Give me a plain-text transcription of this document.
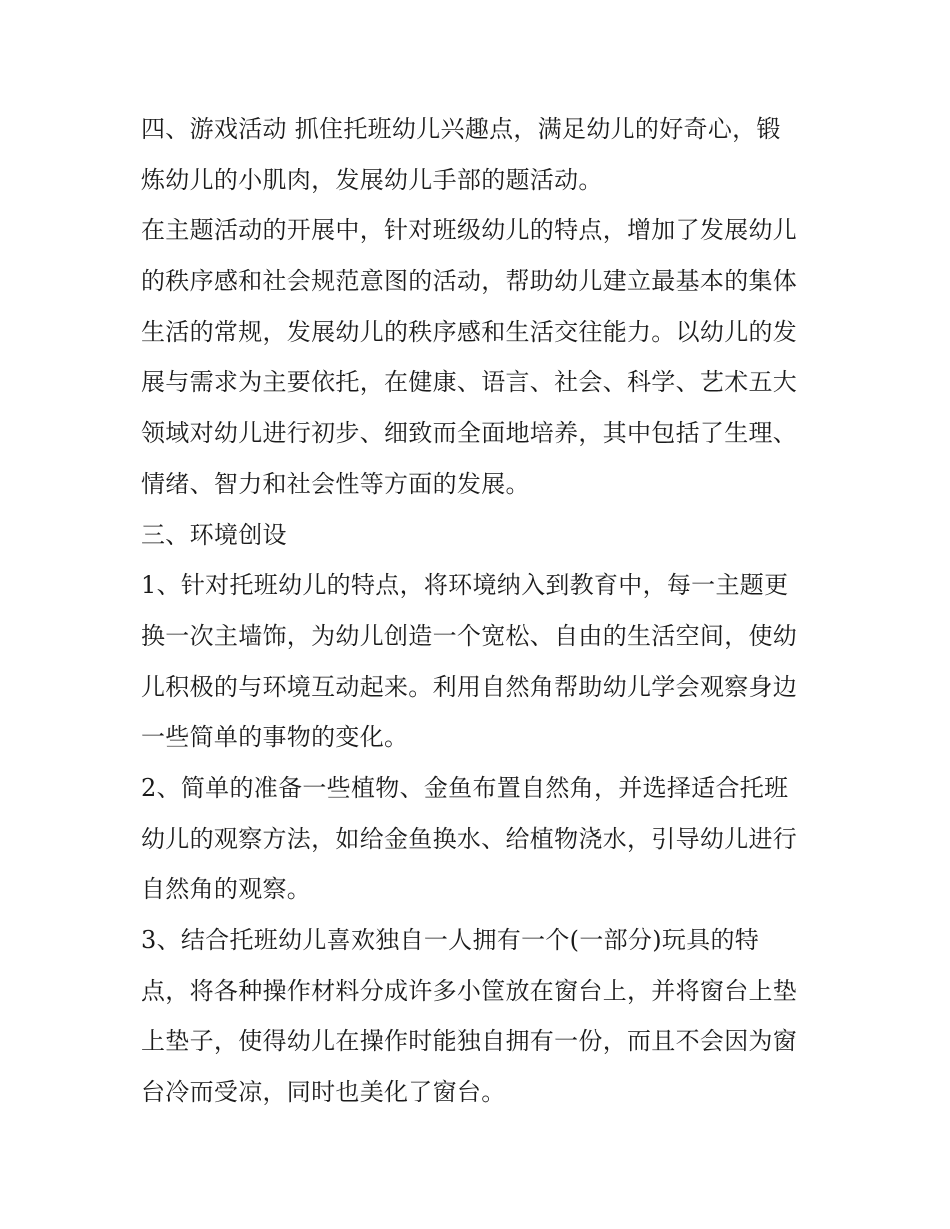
四、游戏活动 抓住托班幼儿兴趣点，满足幼儿的好奇心，锻
炼幼儿的小肌肉，发展幼儿手部的题活动。
在主题活动的开展中，针对班级幼儿的特点，增加了发展幼儿
的秩序感和社会规范意图的活动，帮助幼儿建立最基本的集体
生活的常规，发展幼儿的秩序感和生活交往能力。以幼儿的发
展与需求为主要依托，在健康、语言、社会、科学、艺术五大
领域对幼儿进行初步、细致而全面地培养，其中包括了生理、
情绪、智力和社会性等方面的发展。
三、环境创设
1、针对托班幼儿的特点，将环境纳入到教育中，每一主题更
换一次主墙饰，为幼儿创造一个宽松、自由的生活空间，使幼
儿积极的与环境互动起来。利用自然角帮助幼儿学会观察身边
一些简单的事物的变化。
2、简单的准备一些植物、金鱼布置自然角，并选择适合托班
幼儿的观察方法，如给金鱼换水、给植物浇水，引导幼儿进行
自然角的观察。
3、结合托班幼儿喜欢独自一人拥有一个(一部分)玩具的特
点，将各种操作材料分成许多小筐放在窗台上，并将窗台上垫
上垫子，使得幼儿在操作时能独自拥有一份，而且不会因为窗
台冷而受凉，同时也美化了窗台。
